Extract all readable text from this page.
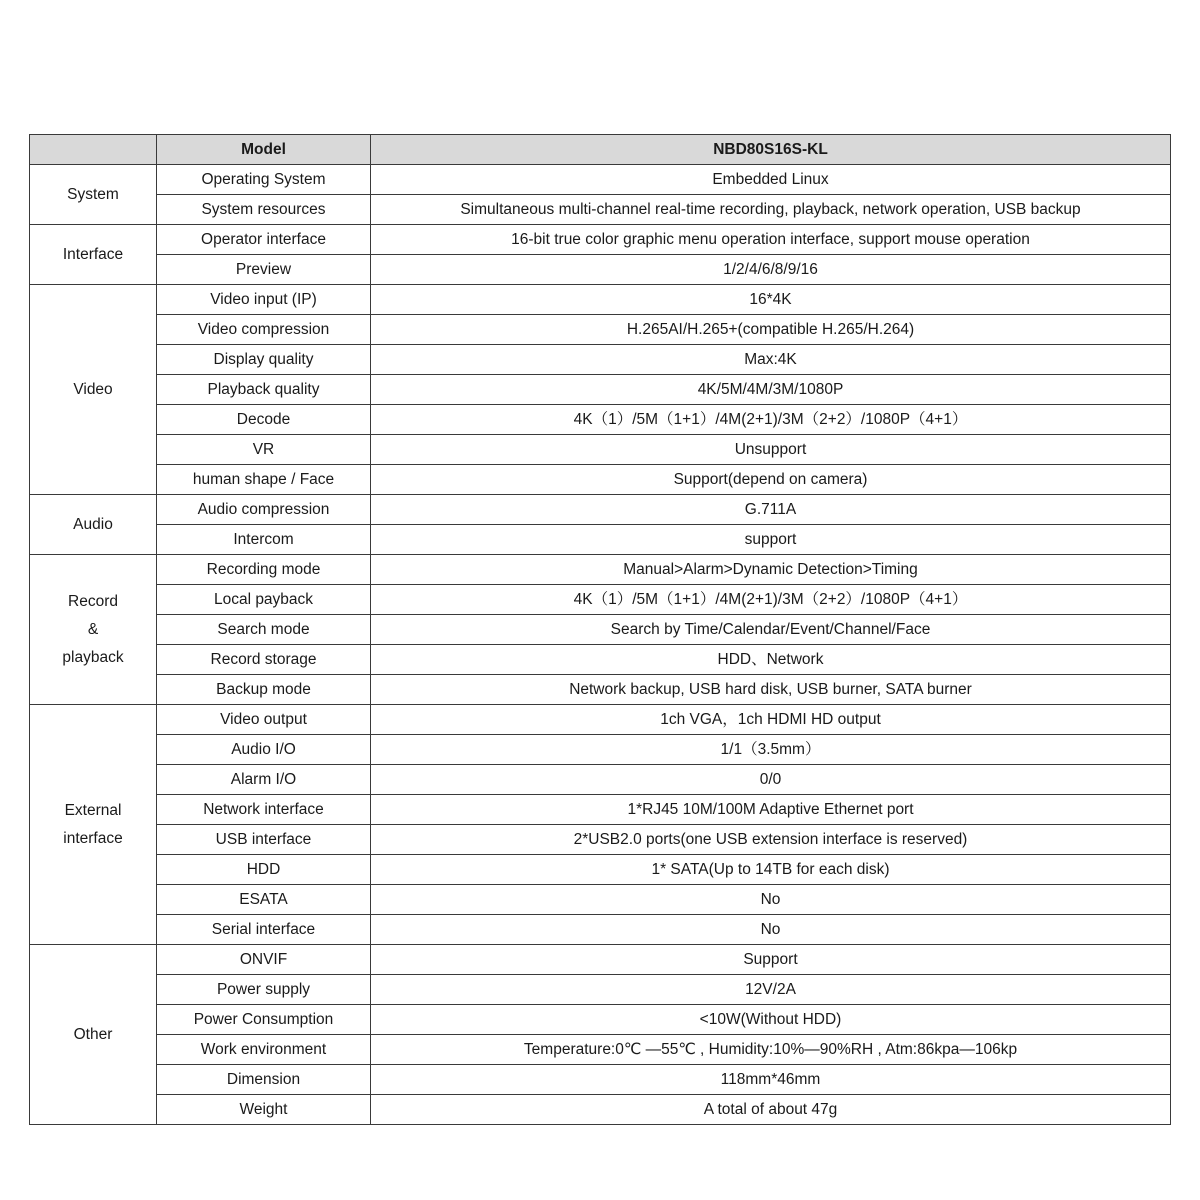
	Model	NBD80S16S-KL
System	Operating System	Embedded Linux
	System resources	Simultaneous multi-channel real-time recording, playback, network operation, USB backup
Interface	Operator interface	16-bit true color graphic menu operation interface, support mouse operation
	Preview	1/2/4/6/8/9/16
Video	Video input (IP)	16*4K
	Video compression	H.265AI/H.265+(compatible H.265/H.264)
	Display quality	Max:4K
	Playback quality	4K/5M/4M/3M/1080P
	Decode	4K（1）/5M（1+1）/4M(2+1)/3M（2+2）/1080P（4+1）
	VR	Unsupport
	human shape / Face	Support(depend on camera)
Audio	Audio compression	G.711A
	Intercom	support
Record
&
playback	Recording mode	Manual>Alarm>Dynamic Detection>Timing
	Local payback	4K（1）/5M（1+1）/4M(2+1)/3M（2+2）/1080P（4+1）
	Search mode	Search by Time/Calendar/Event/Channel/Face
	Record storage	HDD、Network
	Backup mode	Network backup, USB hard disk, USB burner, SATA burner
External
interface	Video output	1ch VGA，1ch HDMI HD output
	Audio I/O	1/1（3.5mm）
	Alarm I/O	0/0
	Network interface	1*RJ45 10M/100M Adaptive Ethernet port
	USB interface	2*USB2.0 ports(one USB extension interface is reserved)
	HDD	1* SATA(Up to 14TB for each disk)
	ESATA	No
	Serial interface	No
Other	ONVIF	Support
	Power supply	12V/2A
	Power Consumption	<10W(Without HDD)
	Work environment	Temperature:0℃ —55℃ , Humidity:10%—90%RH , Atm:86kpa—106kp
	Dimension	118mm*46mm
	Weight	A total of about 47g
